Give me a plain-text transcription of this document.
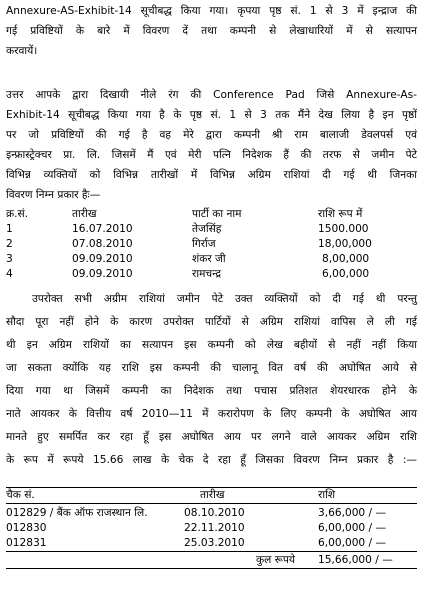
Annexure-AS-Exhibit-14 सूचीबद्ध किया गया। कृपया पृष्ठ सं. 1 से 3 में इन्द्राज की
गई प्रविष्टियों के बारे में विवरण दें तथा कम्पनी से लेखाधारियों में से सत्यापन
करवायें।
उत्तर आपके द्वारा दिखायी नीले रंग की Conference Pad जिसे Annexure-As-
Exhibit-14 सूचीबद्ध किया गया है के पृष्ठ सं. 1 से 3 तक मैंने देख लिया है इन पृष्ठों
पर जो प्रविष्टियों की गई है वह मेरे द्वारा कम्पनी श्री राम बालाजी डेवलपर्स एवं
इन्फ्रास्ट्रेक्चर प्रा. लि. जिसमें मैं एवं मेरी पत्नि निदेशक हैं की तरफ से जमीन पेटे
विभिन्न व्यक्तियों को विभिन्न तारीखों में विभिन्न अग्रिम राशियां दी गई थी जिनका
विवरण निम्न प्रकार हैः—
क्र.सं.	तारीख	पार्टी का नाम	राशि रूप में
1	16.07.2010	तेजसिंह	1500.000
2	07.08.2010	गिर्राज	18,00,000
3	09.09.2010	शंकर जी	8,00,000
4	09.09.2010	रामचन्द्र	6,00,000
उपरोक्त सभी अग्रीम राशियां जमीन पेटे उक्त व्यक्तियों को दी गई थी परन्तु
सौदा पूरा नहीं होने के कारण उपरोक्त पार्टियों से अग्रिम राशियां वापिस ले ली गई
थी इन अग्रिम राशियों का सत्यापन इस कम्पनी को लेख बहीयों से नहीं नहीं किया
जा सकता क्योंकि यह राशि इस कम्पनी की चालानू वित वर्ष की अघोषित आये से
दिया गया था जिसमें कम्पनी का निदेशक तथा पचास प्रतिशत शेयरधारक होने के
नाते आयकर के वित्तीय वर्ष 2010—11 में करारोपण के लिए कम्पनी के अघोषित आय
मानते हुए समर्पित कर रहा हूँ इस अघोषित आय पर लगने वाले आयकर अग्रिम राशि
के रूप में रूपये 15.66 लाख के चेक दे रहा हूँ जिसका विवरण निम्न प्रकार है :—
चैक सं.	तारीख	राशि
012829 / बैंक ऑफ राजस्थान लि.	08.10.2010	3,66,000 / —
012830	22.11.2010	6,00,000 / —
012831	25.03.2010	6,00,000 / —
कुल रूपये 15,66,000 / —
